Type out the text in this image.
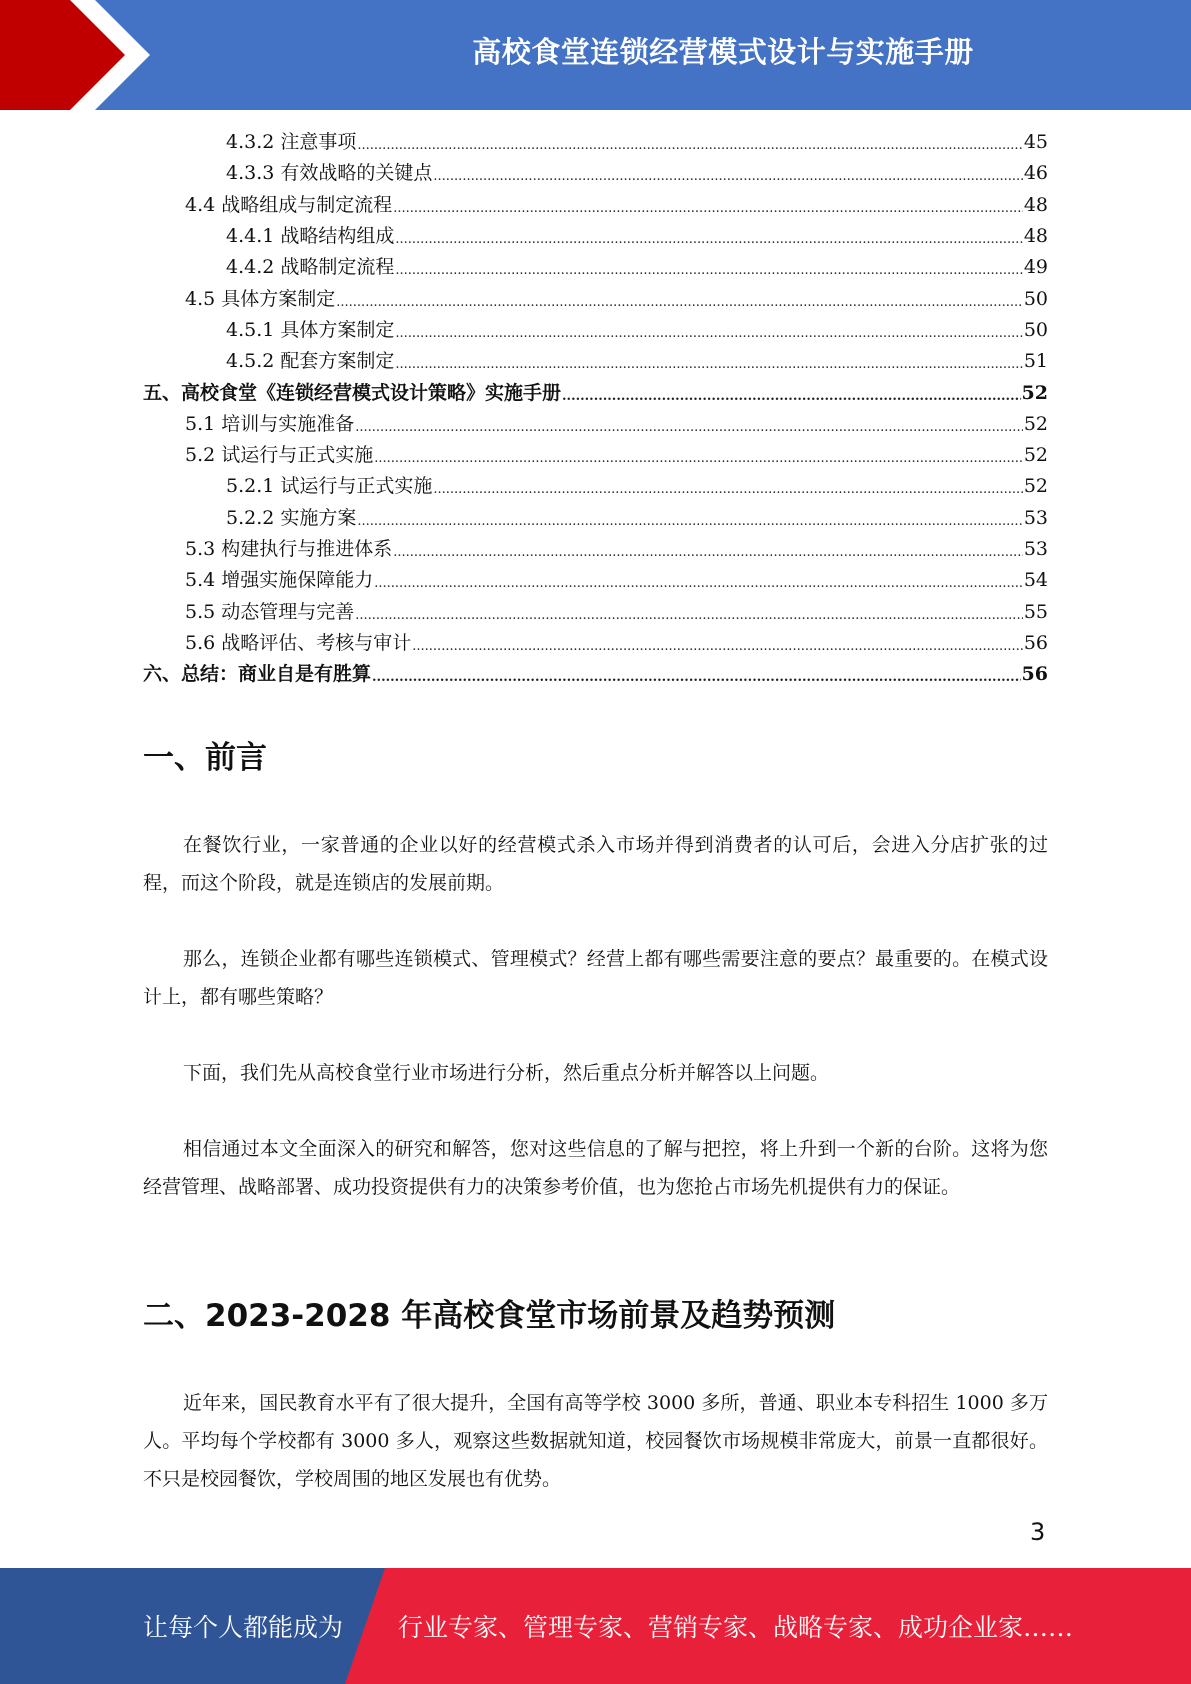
高校食堂连锁经营模式设计与实施手册
4.3.2 注意事项 .....	45
4.3.3 有效战略的关键点 .....	46
4.4 战略组成与制定流程 .....	48
4.4.1 战略结构组成 .....	48
4.4.2 战略制定流程 .....	49
4.5 具体方案制定 .....	50
4.5.1 具体方案制定 .....	50
4.5.2 配套方案制定 .....	51
五、高校食堂《连锁经营模式设计策略》实施手册 .....	52
5.1 培训与实施准备 .....	52
5.2 试运行与正式实施 .....	52
5.2.1 试运行与正式实施 .....	52
5.2.2 实施方案 .....	53
5.3 构建执行与推进体系 .....	53
5.4 增强实施保障能力 .....	54
5.5 动态管理与完善 .....	55
5.6 战略评估、考核与审计 .....	56
六、总结：商业自是有胜算 .....	56
一、前言

在餐饮行业，一家普通的企业以好的经营模式杀入市场并得到消费者的认可后，会进入分店扩张的过程，而这个阶段，就是连锁店的发展前期。

那么，连锁企业都有哪些连锁模式、管理模式？经营上都有哪些需要注意的要点？最重要的。在模式设计上，都有哪些策略？

下面，我们先从高校食堂行业市场进行分析，然后重点分析并解答以上问题。

相信通过本文全面深入的研究和解答，您对这些信息的了解与把控，将上升到一个新的台阶。这将为您经营管理、战略部署、成功投资提供有力的决策参考价值，也为您抢占市场先机提供有力的保证。

二、2023-2028 年高校食堂市场前景及趋势预测

近年来，国民教育水平有了很大提升，全国有高等学校 3000 多所，普通、职业本专科招生 1000 多万人。平均每个学校都有 3000 多人，观察这些数据就知道，校园餐饮市场规模非常庞大，前景一直都很好。不只是校园餐饮，学校周围的地区发展也有优势。

3
让每个人都能成为 行业专家、管理专家、营销专家、战略专家、成功企业家……
